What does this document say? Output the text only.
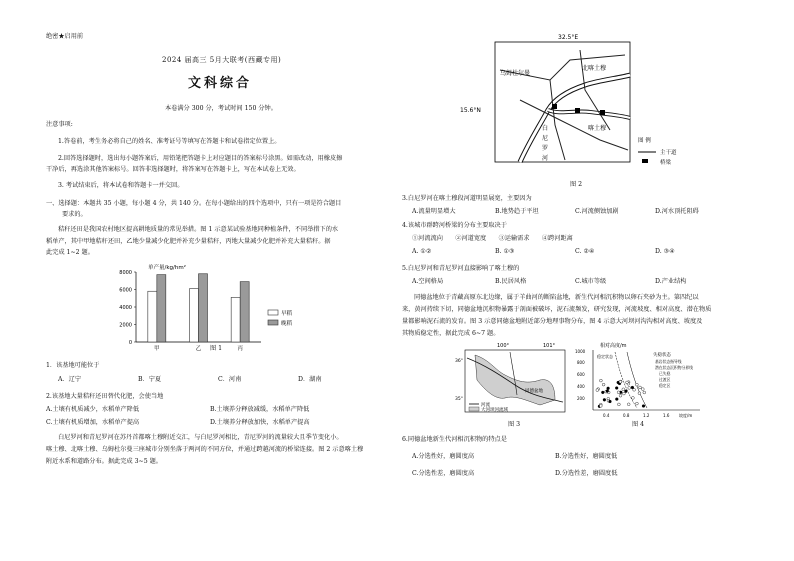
绝密★启用前
2024 届高三 5月大联考(西藏专用)
文科综合
本卷满分 300 分，考试时间 150 分钟。
注意事项:
1.答卷前，考生务必将自己的姓名、准考证号等填写在答题卡和试卷指定位置上。
2.回答选择题时，选出每小题答案后，用铅笔把答题卡上对应题目的答案标号涂黑。如需改动，用橡皮擦
干净后，再选涂其他答案标号。回答非选择题时，将答案写在答题卡上，写在本试卷上无效。
3. 考试结束后，将本试卷和答题卡一并交回。
一、选择题：本题共 35 小题，每小题 4 分，共 140 分。在每小题给出的四个选项中，只有一项是符合题目
要求的。
秸秆还田是我国农村地区提高耕地质量的常见举措。图 1 示意某试验基地同种植条件，不同举措下的水
稻单产，其中甲地秸秆还田，乙地少量减少化肥并补充少量秸秆，丙地大量减少化肥并补充大量秸秆。据
此完成 1~2 题。
单产量/kg/hm²
0
2000
4000
6000
8000
甲	乙	丙
早稻
晚稻
图 1
1．该基地可能位于
A．辽宁	B．宁夏	C．河南	D．湖南
2.该基地大量秸秆还田替代化肥，会使当地
A.土壤有机质减少，水稻单产降低	B.土壤养分释放减缓，水稻单产降低
C.土壤有机质增加，水稻单产提高	D.土壤养分释放加快，水稻单产提高
白尼罗河和青尼罗河在苏丹首都喀土穆附近交汇，与白尼罗河相比，青尼罗河的流量较大且季节变化小。
喀土穆、北喀土穆、乌姆杜尔曼三座城市分别坐落于两河的不同方位，并通过跨越河流的桥梁连接。图 2 示意喀土穆
附近水系和道路分布。据此完成 3~5 题。
32.5°E
15.6°N
乌姆杜尔曼
北喀土穆
喀土穆
白
尼
罗
河
图 例
主干道
桥梁
图 2
3.白尼罗河在喀土穆段河道明显展宽，主要因为
A.流量明显增大	B.地势趋于平坦	C.河流侧蚀加剧	D.河水顶托阻碍
4.该城市群跨河桥梁的分布主要取决于
①河流流向　　②河道宽度　　③运输需求　　④跨河距离
A. ①②	B. ①③	C. ②④	D. ③④
5.白尼罗河和青尼罗河直接影响了喀土穆的
A.空间格局	B.民居风格	C.城市等级	D.产业结构
同德盆地位于青藏高原东北边缘，属于羊曲河的断陷盆地，新生代河相沉积物以卵石夹砂为主。第四纪以
来，黄河持续下切，同德盆地沉积物暴露于剖面被破坏，泥石流频发，研究发现，河流坡度、相对高度、潜在物质
量都影响泥石流的发育。图 3 示意同德盆地附近部分地理事物分布，图 4 示意大河坝河沟沟相对高度、坡度及
其物质稳定性，据此完成 6~7 题。
100°	101°
同德盆地
36°
35°
河流
大河坝河流域
图 3
相对高度/m
200
400
600
800
1000
0.4	0.8	1.2	1.6 坡度/m
稳定状态	失稳状态
基岩状态指导线
潜在状态沉积物分界线
已失稳
过渡区
稳定区
图 4
6.同德盆地新生代河相沉积物的特点是
A.分选性好，磨圆度高	B.分选性好，磨圆度低
C.分选性差，磨圆度高	D.分选性差，磨圆度低
